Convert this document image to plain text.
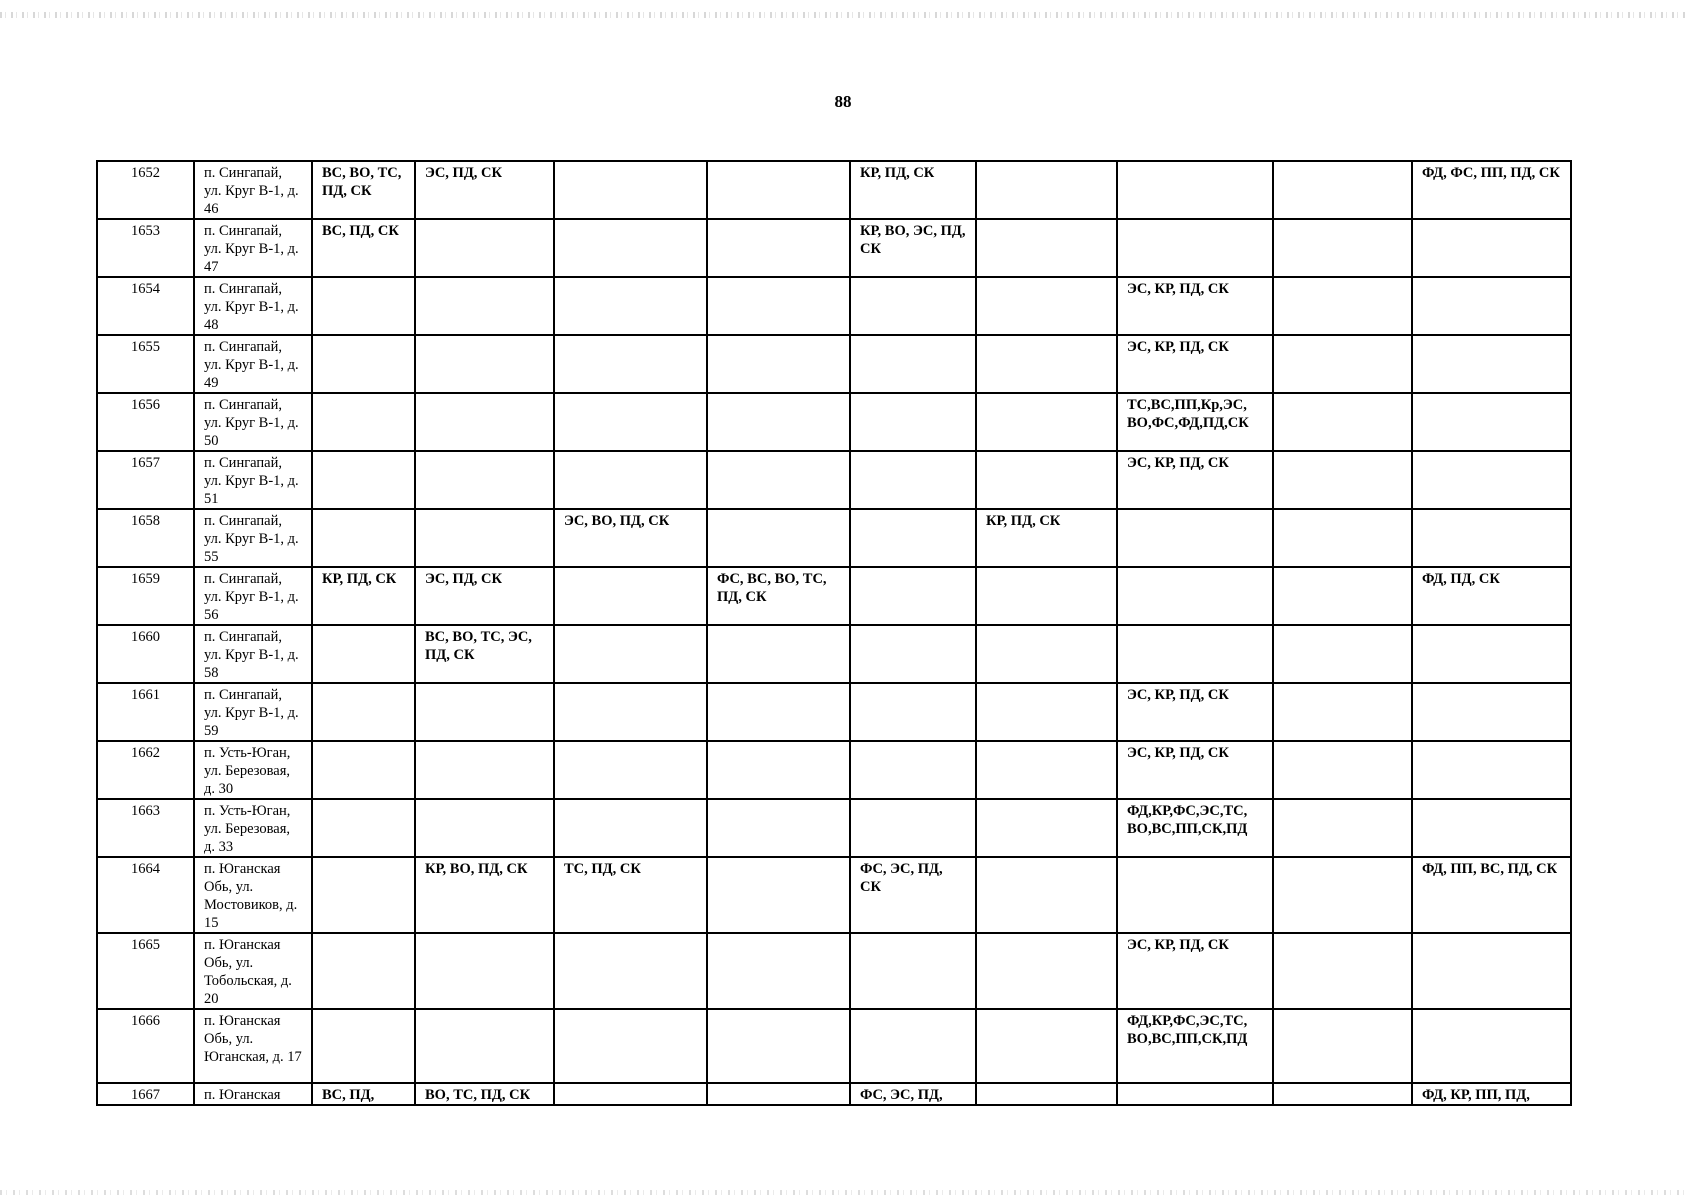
88
1652	п. Сингапай, ул. Круг В-1, д. 46	ВС, ВО, ТС, ПД, СК	ЭС, ПД, СК			КР, ПД, СК				ФД, ФС, ПП, ПД, СК
1653	п. Сингапай, ул. Круг В-1, д. 47	ВС, ПД, СК				КР, ВО, ЭС, ПД, СК				
1654	п. Сингапай, ул. Круг В-1, д. 48							ЭС, КР, ПД, СК		
1655	п. Сингапай, ул. Круг В-1, д. 49							ЭС, КР, ПД, СК		
1656	п. Сингапай, ул. Круг В-1, д. 50							ТС,ВС,ПП,Кр,ЭС, ВО,ФС,ФД,ПД,СК		
1657	п. Сингапай, ул. Круг В-1, д. 51							ЭС, КР, ПД, СК		
1658	п. Сингапай, ул. Круг В-1, д. 55			ЭС, ВО, ПД, СК			КР, ПД, СК			
1659	п. Сингапай, ул. Круг В-1, д. 56	КР, ПД, СК	ЭС, ПД, СК		ФС, ВС, ВО, ТС, ПД, СК					ФД, ПД, СК
1660	п. Сингапай, ул. Круг В-1, д. 58		ВС, ВО, ТС, ЭС, ПД, СК							
1661	п. Сингапай, ул. Круг В-1, д. 59							ЭС, КР, ПД, СК		
1662	п. Усть-Юган, ул. Березовая, д. 30							ЭС, КР, ПД, СК		
1663	п. Усть-Юган, ул. Березовая, д. 33							ФД,КР,ФС,ЭС,ТС, ВО,ВС,ПП,СК,ПД		
1664	п. Юганская Обь, ул. Мостовиков, д. 15		КР, ВО, ПД, СК	ТС, ПД, СК		ФС, ЭС, ПД, СК				ФД, ПП, ВС, ПД, СК
1665	п. Юганская Обь, ул. Тобольская, д. 20							ЭС, КР, ПД, СК		
1666	п. Юганская Обь, ул. Юганская, д. 17							ФД,КР,ФС,ЭС,ТС, ВО,ВС,ПП,СК,ПД		
1667	п. Юганская	ВС, ПД,	ВО, ТС, ПД, СК			ФС, ЭС, ПД,				ФД, КР, ПП, ПД,
